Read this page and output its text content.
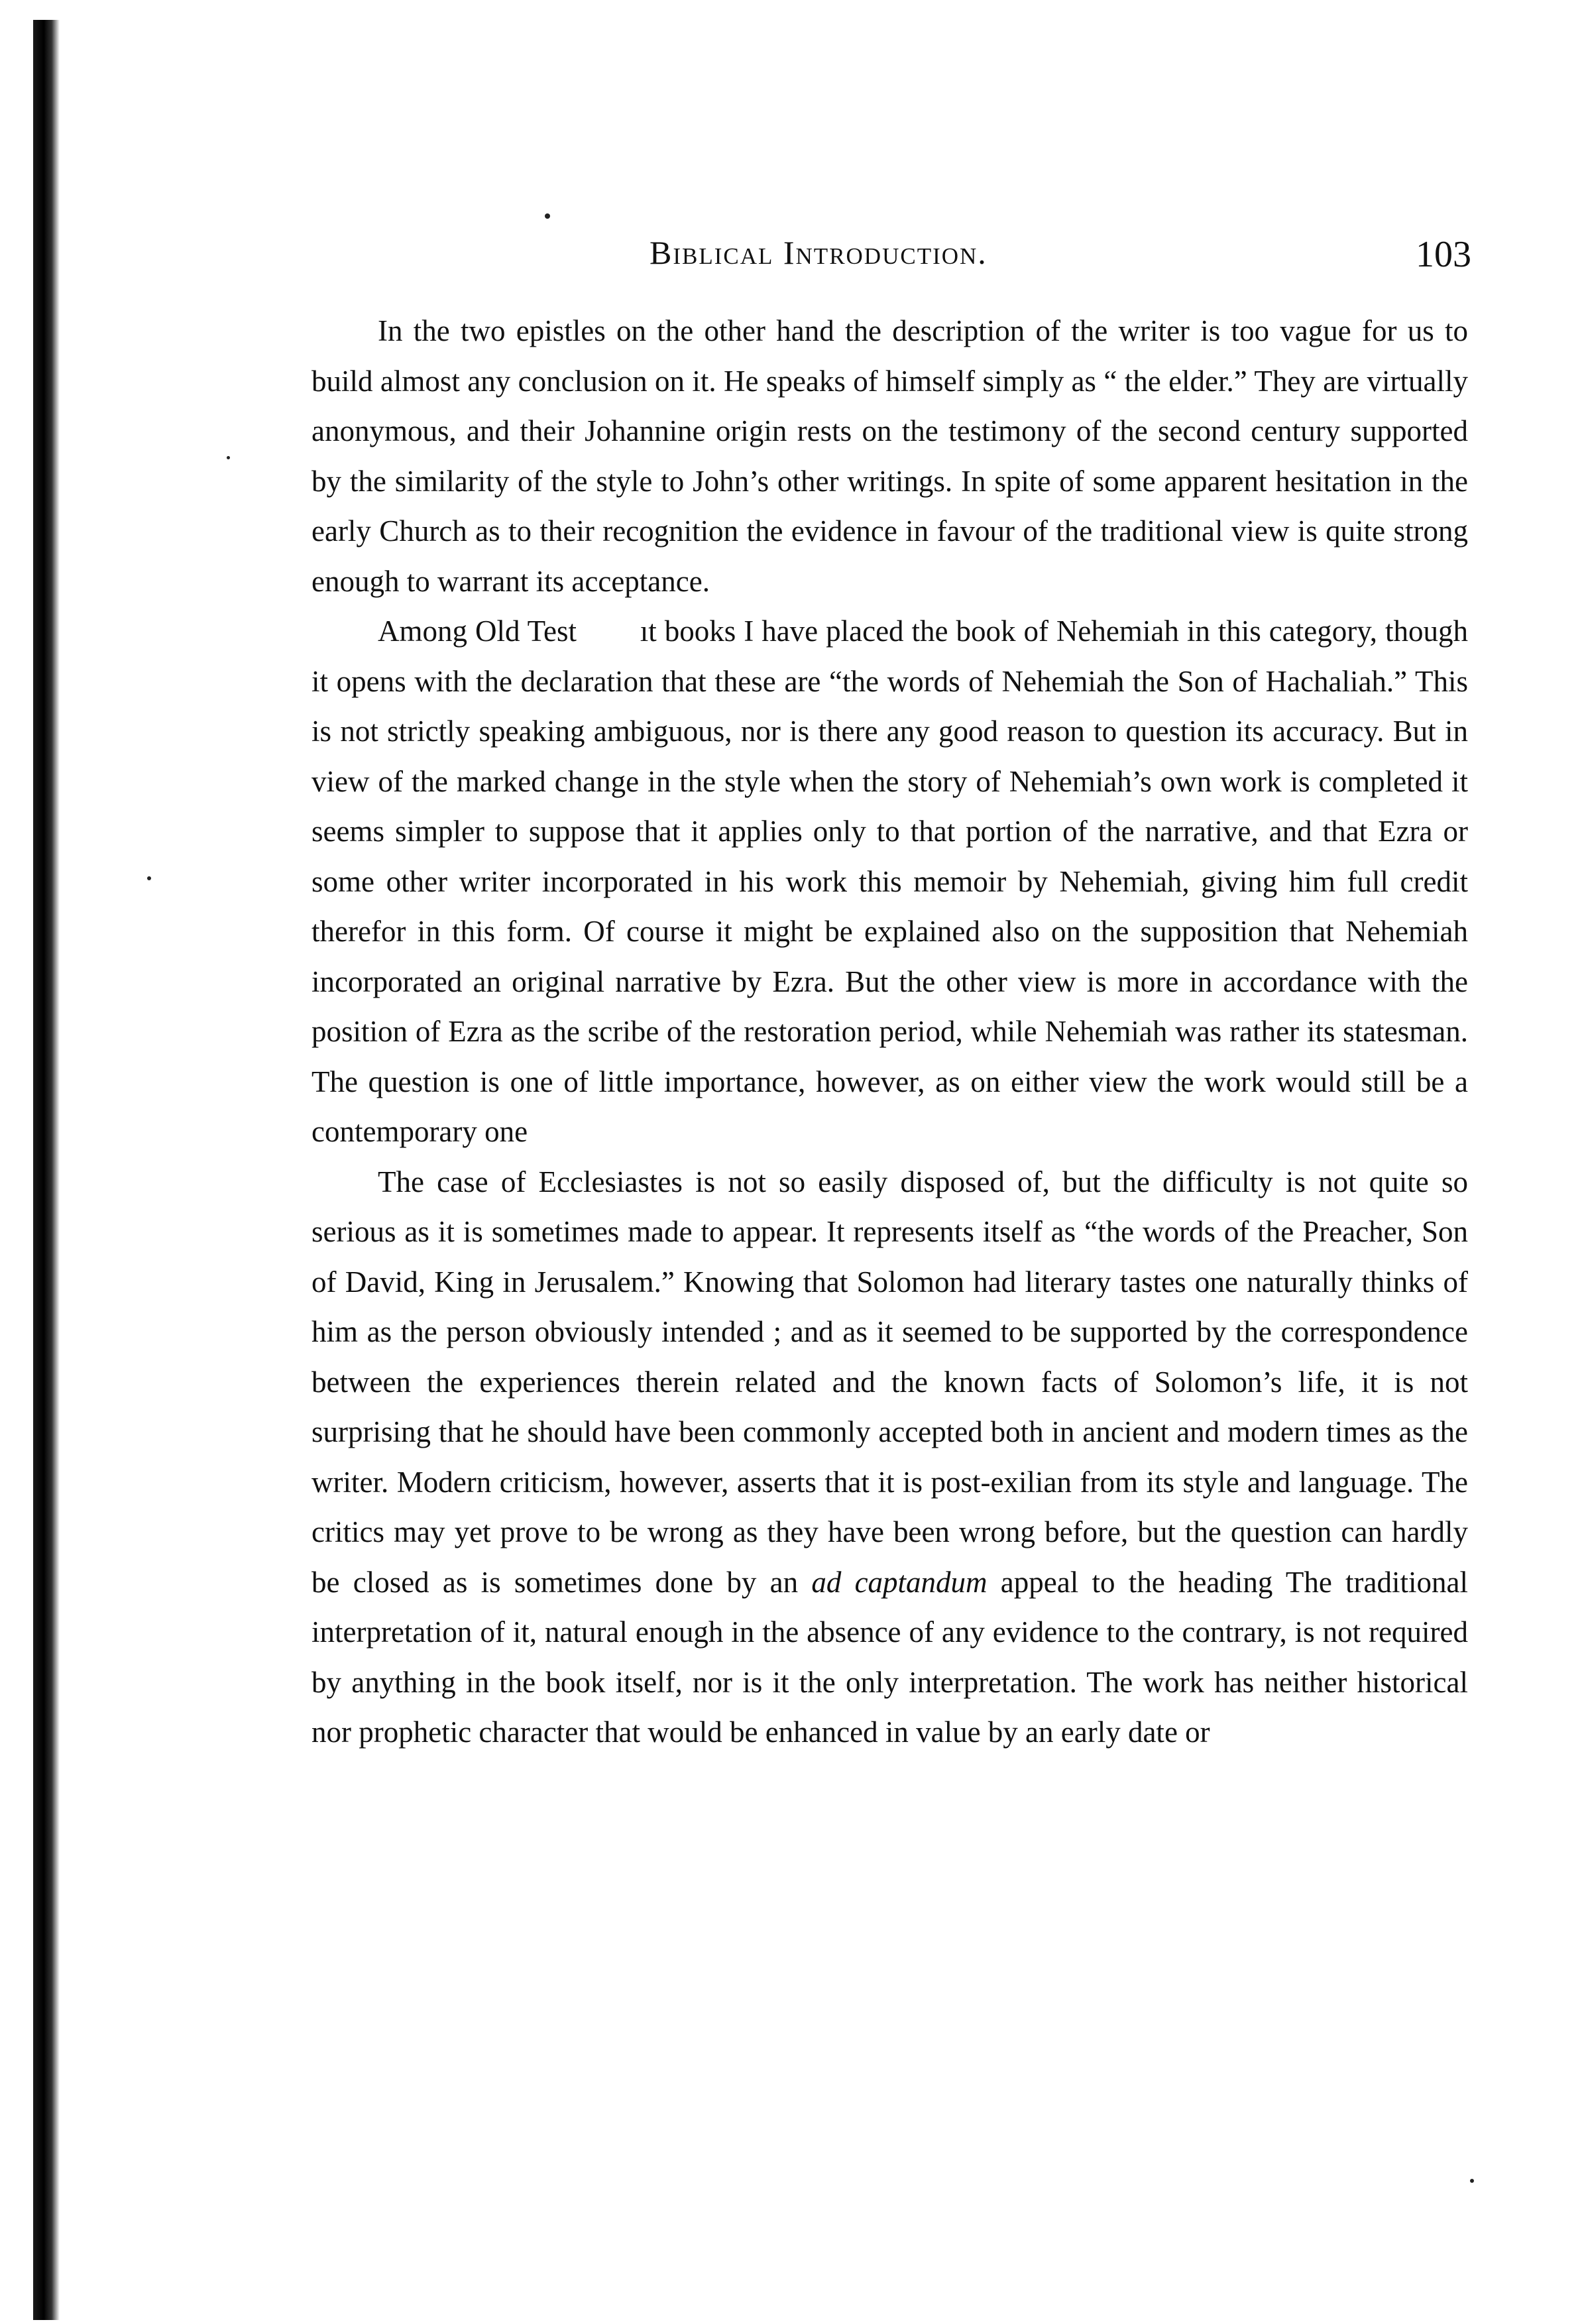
Biblical Introduction.	103

In the two epistles on the other hand the description of the writer is too vague for us to build almost any conclusion on it. He speaks of himself simply as “ the elder.” They are virtually anonymous, and their Johannine origin rests on the testimony of the second century supported by the similarity of the style to John’s other writings. In spite of some apparent hesitation in the early Church as to their recognition the evidence in favour of the traditional view is quite strong enough to warrant its acceptance.

Among Old Test        ıt books I have placed the book of Nehemiah in this category, though it opens with the declaration that these are “the words of Nehemiah the Son of Hachaliah.” This is not strictly speaking ambiguous, nor is there any good reason to question its accuracy. But in view of the marked change in the style when the story of Nehemiah’s own work is completed it seems simpler to suppose that it applies only to that portion of the narrative, and that Ezra or some other writer incorporated in his work this memoir by Nehemiah, giving him full credit therefor in this form. Of course it might be explained also on the supposition that Nehemiah incorporated an original narrative by Ezra. But the other view is more in accordance with the position of Ezra as the scribe of the restoration period, while Nehemiah was rather its statesman. The question is one of little importance, however, as on either view the work would still be a contemporary one

The case of Ecclesiastes is not so easily disposed of, but the difficulty is not quite so serious as it is sometimes made to appear. It represents itself as “the words of the Preacher, Son of David, King in Jerusalem.” Knowing that Solomon had literary tastes one naturally thinks of him as the person obviously intended ; and as it seemed to be supported by the correspondence between the experiences therein related and the known facts of Solomon’s life, it is not surprising that he should have been commonly accepted both in ancient and modern times as the writer. Modern criticism, however, asserts that it is post-exilian from its style and language. The critics may yet prove to be wrong as they have been wrong before, but the question can hardly be closed as is sometimes done by an ad captandum appeal to the heading The traditional interpretation of it, natural enough in the absence of any evidence to the contrary, is not required by anything in the book itself, nor is it the only interpretation. The work has neither historical nor prophetic character that would be enhanced in value by an early date or
